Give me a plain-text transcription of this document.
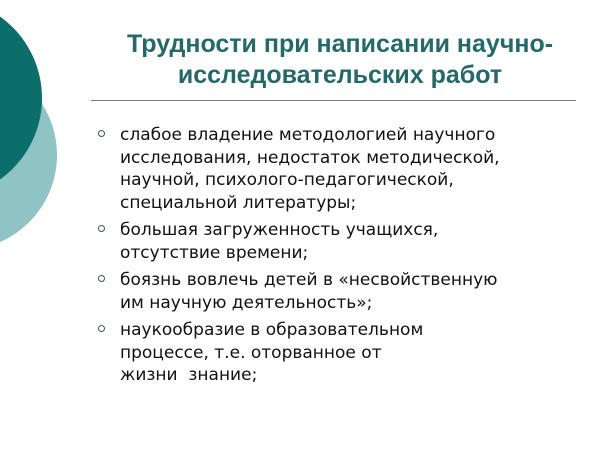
Трудности при написании научно-
исследовательских работ
слабое владение методологией научного
исследования, недостаток методической,
научной, психолого-педагогической,
специальной литературы;
большая загруженность учащихся,
отсутствие времени;
боязнь вовлечь детей в «несвойственную
им научную деятельность»;
наукообразие в образовательном
процессе, т.е. оторванное от
жизни  знание;
